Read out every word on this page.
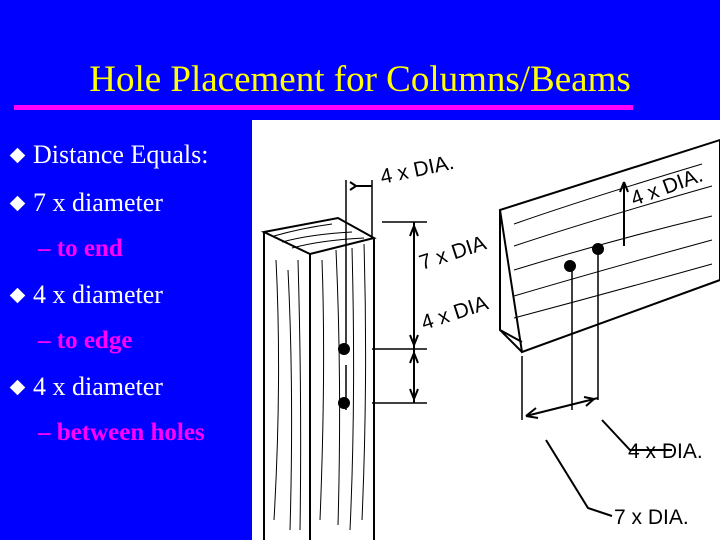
Hole Placement for Columns/Beams
Distance Equals:
7 x diameter
– to end
4 x diameter
– to edge
4 x diameter
– between holes
4 x DIA.
7 x DIA
4 x DIA
4 x DIA.
4 x DIA.
7 x DIA.
